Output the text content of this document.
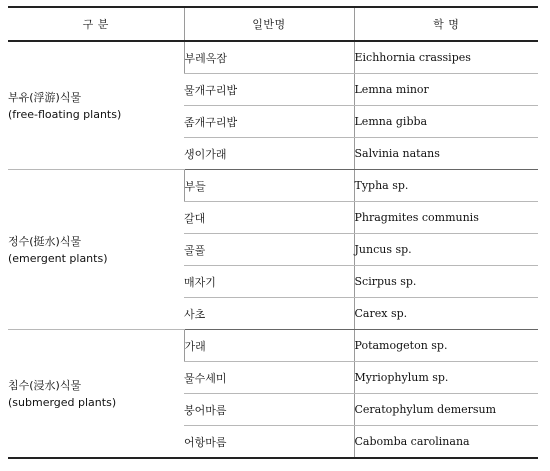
구 분	일반명	학 명

부유(浮游)식물
(free-floating plants)	부레옥잠	Eichhornia crassipes
	물개구리밥	Lemna minor
	좀개구리밥	Lemna gibba
	생이가래	Salvinia natans

정수(挺水)식물
(emergent plants)	부들	Typha sp.
	갈대	Phragmites communis
	골풀	Juncus sp.
	매자기	Scirpus sp.
	사초	Carex sp.

침수(浸水)식물
(submerged plants)	가래	Potamogeton sp.
	물수세미	Myriophylum sp.
	붕어마름	Ceratophylum demersum
	어항마름	Cabomba carolinana
